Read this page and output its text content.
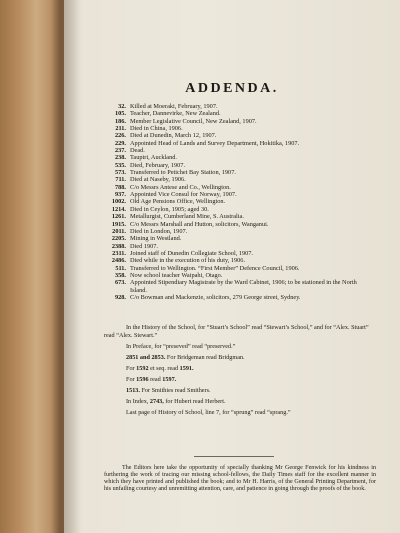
ADDENDA.
32. Killed at Moeraki, February, 1907.
105. Teacher, Dannevirke, New Zealand.
186. Member Legislative Council, New Zealand, 1907.
211. Died in China, 1906.
226. Died at Dunedin, March 12, 1907.
229. Appointed Head of Lands and Survey Department, Hokitika, 1907.
237. Dead.
238. Taupiri, Auckland.
535. Died, February, 1907.
573. Transferred to Petichet Bay Station, 1907.
711. Died at Naseby, 1906.
788. C/o Messrs Antese and Co., Wellington.
937. Appointed Vice Consul for Norway, 1907.
1002. Old Age Pensions Office, Wellington.
1214. Died in Ceylon, 1905; aged 30.
1261. Metallurgist, Cumberland Mine, S. Australia.
1915. C/o Messrs Marshall and Hutton, solicitors, Wanganui.
2011. Died in London, 1907.
2205. Mining in Westland.
2388. Died 1907.
2311. Joined staff of Dunedin Collegiate School, 1907.
2486. Died while in the execution of his duty, 1906.
511. Transferred to Wellington. “First Member” Defence Council, 1906.
358. Now school teacher Waipahi, Otago.
673. Appointed Stipendiary Magistrate by the Ward Cabinet, 1906; to be stationed in the North Island.
928. C/o Bowman and Mackenzie, solicitors, 279 George street, Sydney.

In the History of the School, for “Stuart’s School” read “Stewart’s School,” and for “Alex. Stuart” read “Alex. Stewart.”

In Preface, for “preseved” read “preserved.”

2851 and 2853. For Bridgeman read Bridgman.

For 1592 et seq. read 1591.

For 1596 read 1597.

1513. For Smithies read Smithers.

In Index, 2743, for Hubert read Herbert.

Last page of History of School, line 7, for “sprung” read “sprang.”

The Editors here take the opportunity of specially thanking Mr George Fenwick for his kindness in furthering the work of tracing our missing school-fellows, the Daily Times staff for the excellent manner in which they have printed and published the book; and to Mr H. Harris, of the General Printing Department, for his unfailing courtesy and unremitting attention, care, and patience in going through the proofs of the book.
